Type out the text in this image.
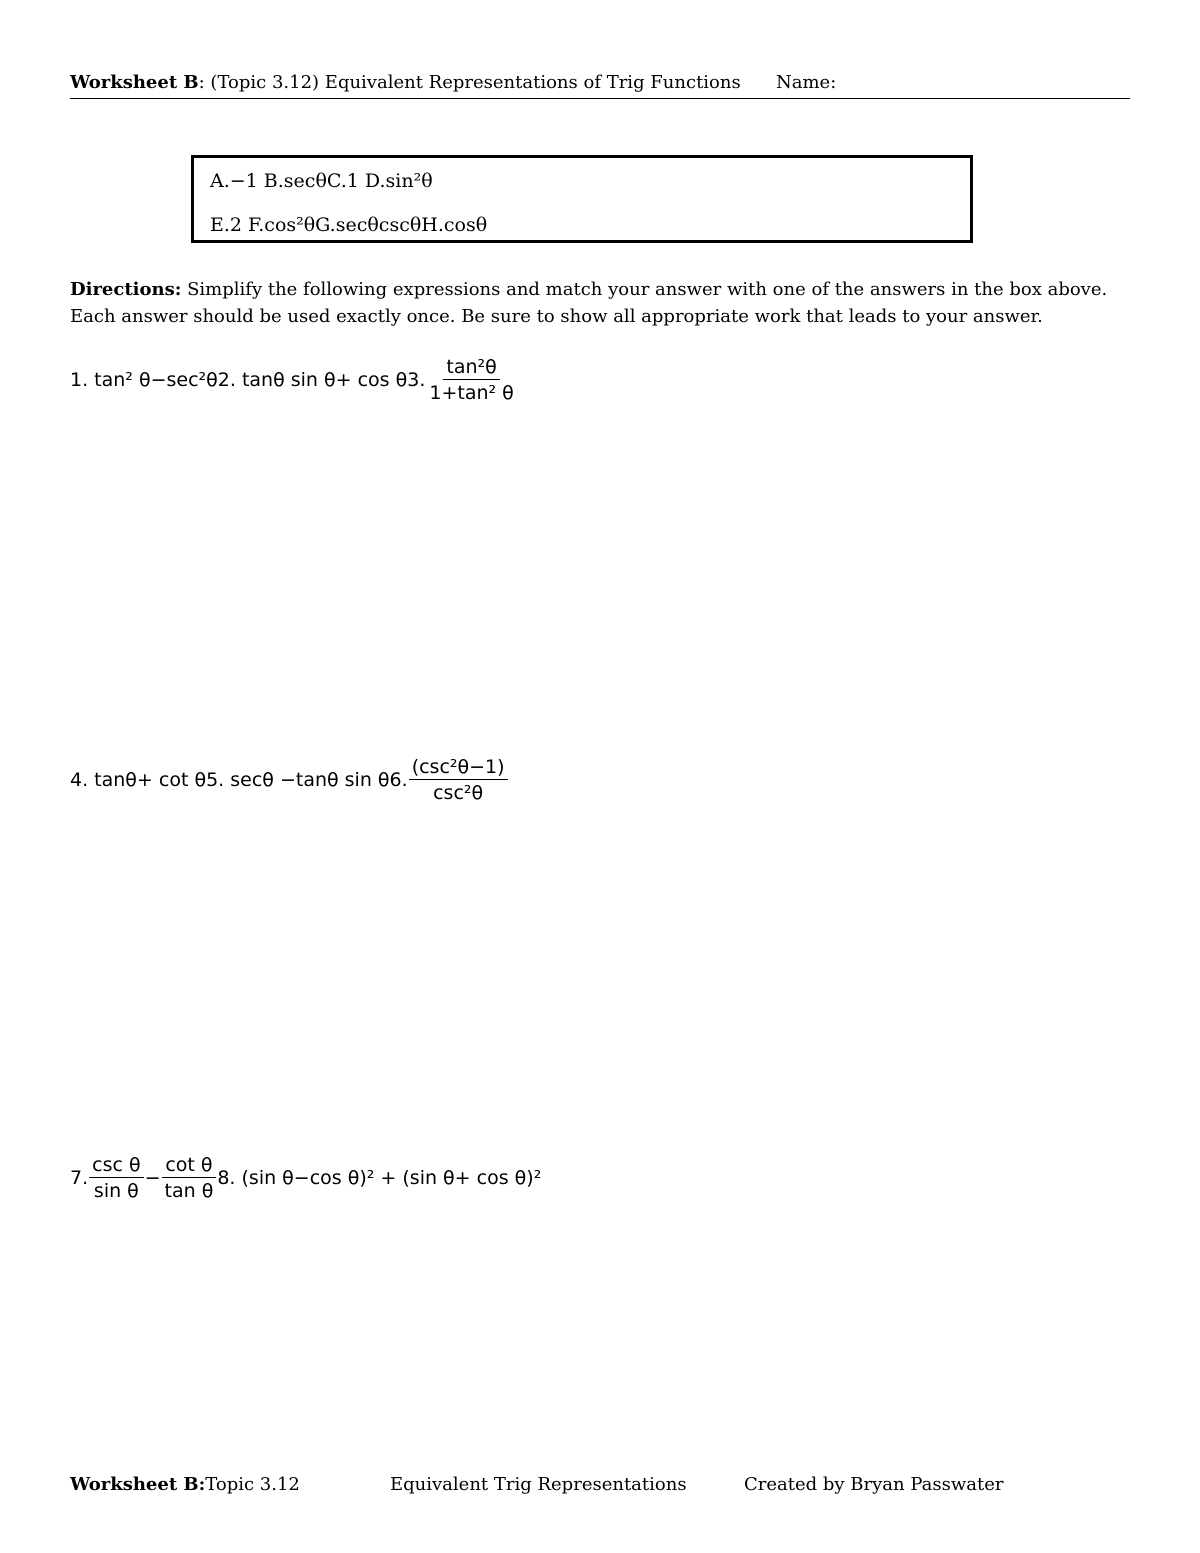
Worksheet B: (Topic 3.12) Equivalent Representations of Trig Functions Name:
A.−1 B.secθC.1 D.sin²θ
E.2 F.cos²θG.secθcscθH.cosθ
Directions: Simplify the following expressions and match your answer with one of the answers in the box above. Each answer should be used exactly once. Be sure to show all appropriate work that leads to your answer.
1. tan² θ−sec²θ 2. tanθ sin θ+ cos θ 3. $\frac{\text{tan²θ}}{\text{1+tan² θ}}$
4. tanθ+ cot θ 5. secθ −tanθ sin θ 6. $\frac{\text{(csc²θ−1)}}{\text{csc²θ}}$
7. $\frac{\text{csc θ}}{\text{sin θ}} - \frac{\text{cot θ}}{\text{tan θ}} 8$. (sin θ−cos θ)² + (sin θ+ cos θ)²
Worksheet B: Topic 3.12	Equivalent Trig Representations	Created by Bryan Passwater
